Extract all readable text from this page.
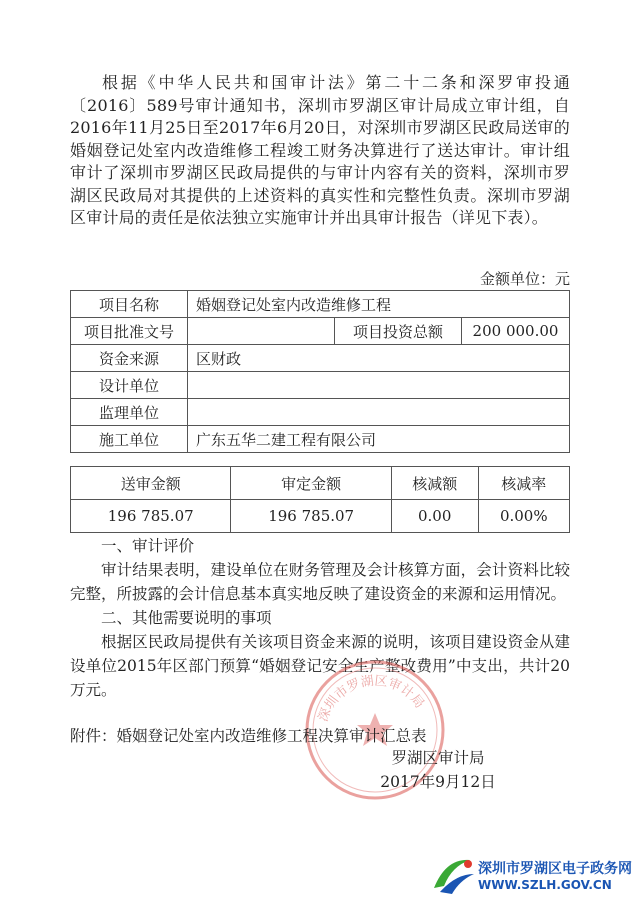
根据《中华人民共和国审计法》第二十二条和深罗审投通〔2016〕589号审计通知书，深圳市罗湖区审计局成立审计组，自2016年11月25日至2017年6月20日，对深圳市罗湖区民政局送审的婚姻登记处室内改造维修工程竣工财务决算进行了送达审计。审计组审计了深圳市罗湖区民政局提供的与审计内容有关的资料，深圳市罗湖区民政局对其提供的上述资料的真实性和完整性负责。深圳市罗湖区审计局的责任是依法独立实施审计并出具审计报告（详见下表）。

金额单位：元
项目名称	婚姻登记处室内改造维修工程		
项目批准文号		项目投资总额	200 000.00
资金来源	区财政		
设计单位			
监理单位			
施工单位	广东五华二建工程有限公司		
送审金额	审定金额	核减额	核减率
196 785.07	196 785.07	0.00	0.00%

一、审计评价

审计结果表明，建设单位在财务管理及会计核算方面，会计资料比较完整，所披露的会计信息基本真实地反映了建设资金的来源和运用情况。

二、其他需要说明的事项

根据区民政局提供有关该项目资金来源的说明，该项目建设资金从建设单位2015年区部门预算“婚姻登记安全生产整改费用”中支出，共计20万元。

深圳市罗湖区审计局
附件：婚姻登记处室内改造维修工程决算审计汇总表
罗湖区审计局
2017年9月12日
深圳市罗湖区电子政务网
WWW.SZLH.GOV.CN
